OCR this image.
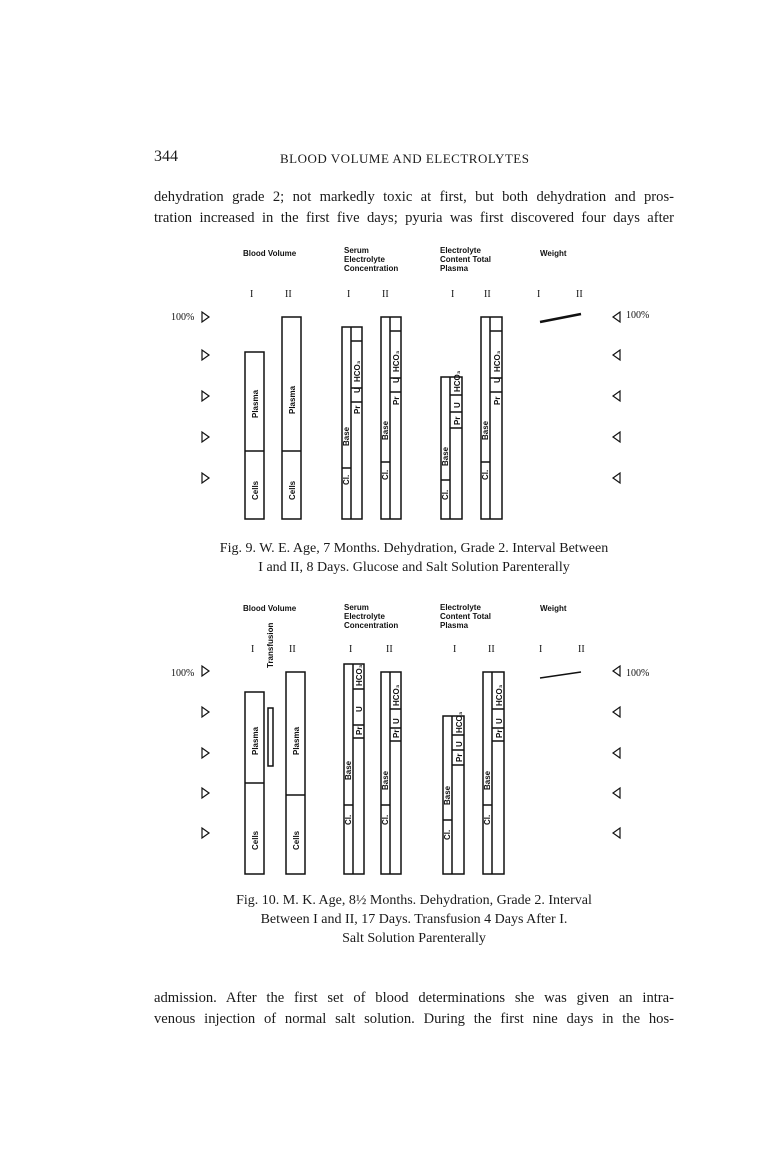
344	BLOOD VOLUME AND ELECTROLYTES
dehydration grade 2; not markedly toxic at first, but both dehydration and pros-
tration increased in the first five days; pyuria was first discovered four days after
Blood Volume	Serum
Electrolyte
Concentration
Electrolyte
Content Total
Plasma
Weight
I	II	I	II	I	II	I	II
100%	100%
Plasma
Cells
Plasma
Cells
HCO₃
U
Pr
Base
Cl.
HCO₃
U
Pr
Base
Cl.
HCO₃
U
Pr
Base
Cl.
HCO₃
U
Pr
Base
Cl.
Fig. 9. W. E. Age, 7 Months. Dehydration, Grade 2. Interval Between
I and II, 8 Days. Glucose and Salt Solution Parenterally
Blood Volume	Serum
Electrolyte
Concentration
Electrolyte
Content Total
Plasma
Weight
I	II	I	II	I	II	I	II
Transfusion
100%	100%
Plasma
Cells
Plasma
Cells
HCO₃
U
Pr
Base
Cl.
HCO₃
U
Pr
Base
Cl.
HCO₃
U
Pr
Base
Cl.
HCO₃
U
Pr
Base
Cl.
Fig. 10. M. K. Age, 8½ Months. Dehydration, Grade 2. Interval
Between I and II, 17 Days. Transfusion 4 Days After I.
Salt Solution Parenterally
admission. After the first set of blood determinations she was given an intra-
venous injection of normal salt solution. During the first nine days in the hos-
